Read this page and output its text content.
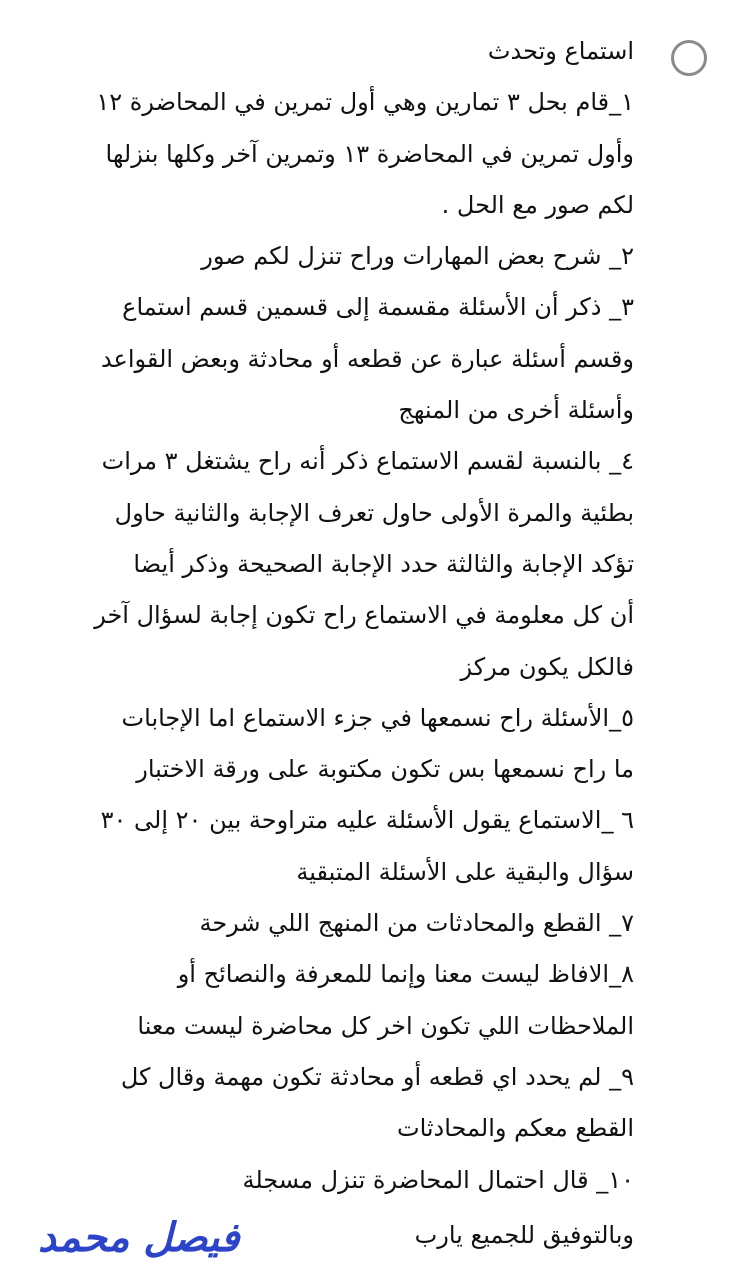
استماع وتحدث
١_قام بحل ٣ تمارين وهي أول تمرين في المحاضرة ١٢
وأول تمرين في المحاضرة ١٣ وتمرين آخر وكلها بنزلها
لكم صور مع الحل .
٢_ شرح بعض المهارات وراح تنزل لكم صور
٣_ ذكر أن الأسئلة مقسمة إلى قسمين قسم استماع
وقسم أسئلة عبارة عن قطعه أو محادثة وبعض القواعد
وأسئلة أخرى من المنهج
٤_ بالنسبة لقسم الاستماع ذكر أنه راح يشتغل ٣ مرات
بطئية والمرة الأولى حاول تعرف الإجابة والثانية حاول
تؤكد الإجابة والثالثة حدد الإجابة الصحيحة وذكر أيضا
أن كل معلومة في الاستماع راح تكون إجابة لسؤال آخر
فالكل يكون مركز
٥_الأسئلة راح نسمعها في جزء الاستماع اما الإجابات
ما راح نسمعها بس تكون مكتوبة على ورقة الاختبار
٦ _الاستماع يقول الأسئلة عليه متراوحة بين ٢٠ إلى ٣٠
سؤال والبقية على الأسئلة المتبقية
٧_ القطع والمحادثات من المنهج اللي شرحة
٨_الافاظ ليست معنا وإنما للمعرفة والنصائح أو
الملاحظات اللي تكون اخر كل محاضرة ليست معنا
٩_ لم يحدد اي قطعه أو محادثة تكون مهمة وقال كل
القطع معكم والمحادثات
١٠_ قال احتمال المحاضرة تنزل مسجلة
وبالتوفيق للجميع يارب
فيصل محمد
